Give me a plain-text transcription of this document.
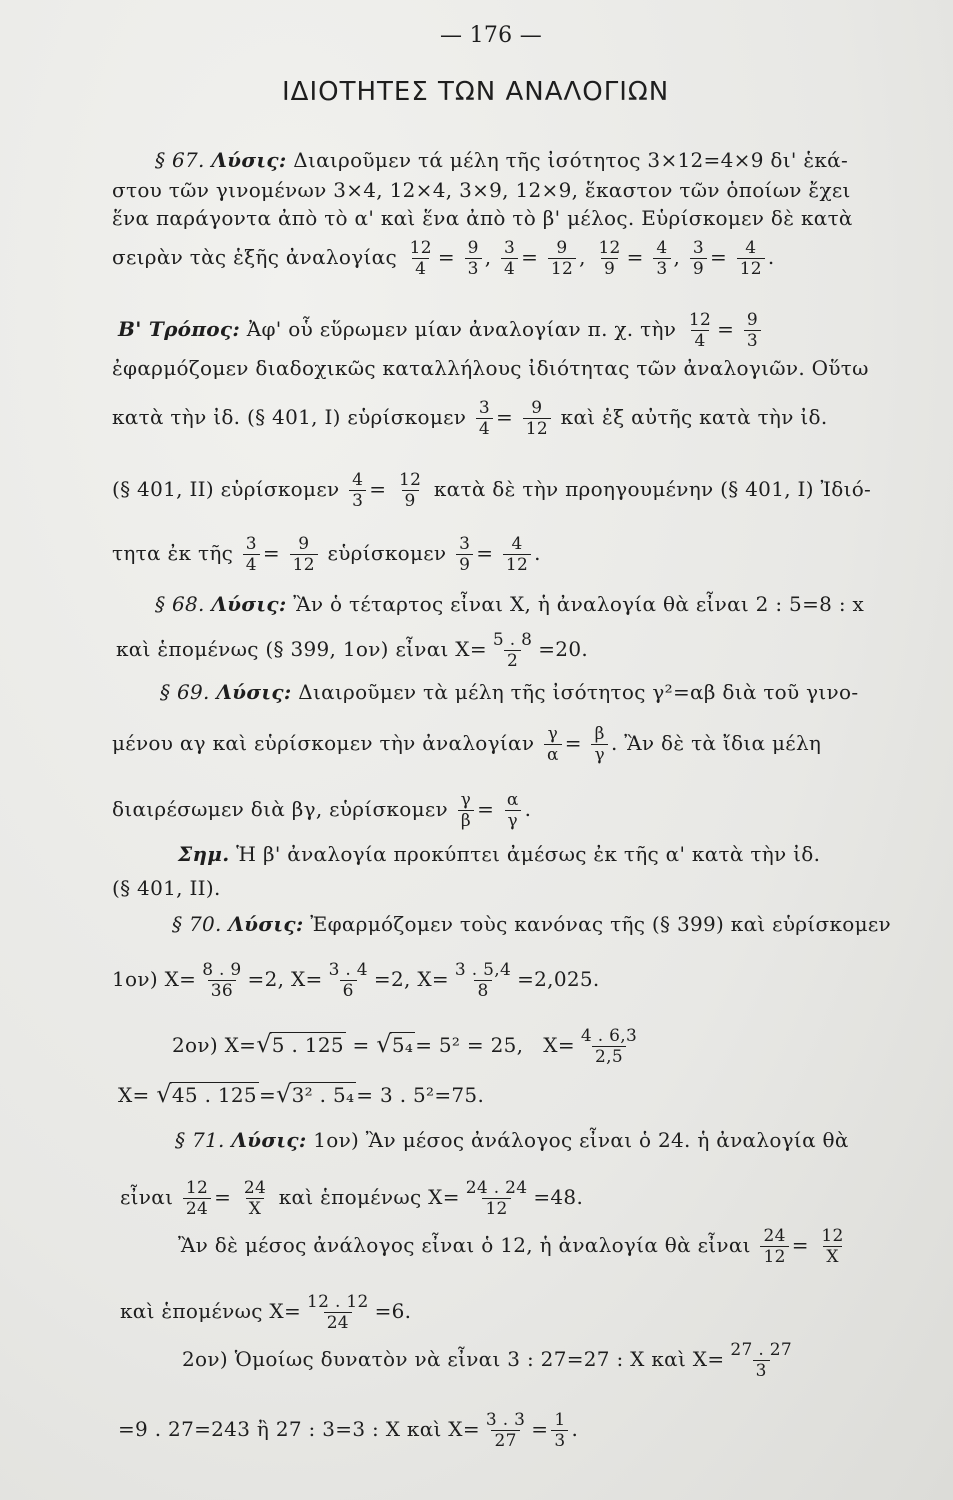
— 176 —
ΙΔΙΟΤΗΤΕΣ ΤΩΝ ΑΝΑΛΟΓΙΩΝ
§ 67. Λύσις: Διαιροῦμεν τά μέλη τῆς ἰσότητος 3×12=4×9 δι' ἑκά-
στου τῶν γινομένων 3×4, 12×4, 3×9, 12×9, ἕκαστον τῶν ὁποίων ἔχει
ἕνα παράγοντα ἀπὸ τὸ α' καὶ ἕνα ἀπὸ τὸ β' μέλος. Εὑρίσκομεν δὲ κατὰ
σειρὰν τὰς ἑξῆς ἀναλογίας $\frac{12}{4} = \frac{9}{3}$ , $\frac{3}{4} = \frac{9}{12}$ , $\frac{12}{9} = \frac{4}{3}$ , $\frac{3}{9} = \frac{4}{12}$ .
Β' Τρόπος: Ἀφ' οὗ εὕρωμεν μίαν ἀναλογίαν π. χ. τὴν $\frac{12}{4} = \frac{9}{3}$
ἐφαρμόζομεν διαδοχικῶς καταλλήλους ἰδιότητας τῶν ἀναλογιῶν. Οὕτω
κατὰ τὴν ἰδ. (§ 401, I) εὑρίσκομεν $\frac{3}{4} = \frac{9}{12}$ καὶ ἐξ αὐτῆς κατὰ τὴν ἰδ.
(§ 401, II) εὑρίσκομεν $\frac{4}{3} = \frac{12}{9}$ κατὰ δὲ τὴν προηγουμένην (§ 401, I) Ἰδιό-
τητα ἐκ τῆς $\frac{3}{4} = \frac{9}{12}$ εὑρίσκομεν $\frac{3}{9} = \frac{4}{12}$ .
§ 68. Λύσις: Ἂν ὁ τέταρτος εἶναι X, ἡ ἀναλογία θὰ εἶναι 2 : 5=8 : x
καὶ ἑπομένως (§ 399, 1ον) εἶναι $X= \frac{5 . 8}{2} =20$.
§ 69. Λύσις: Διαιροῦμεν τὰ μέλη τῆς ἰσότητος γ²=αβ διὰ τοῦ γινο-
μένου αγ καὶ εὑρίσκομεν τὴν ἀναλογίαν $\frac{\gamma}{\alpha} = \frac{\beta}{\gamma}$ . Ἂν δὲ τὰ ἴδια μέλη
διαιρέσωμεν διὰ βγ, εὑρίσκομεν $\frac{\gamma}{\beta} = \frac{\alpha}{\gamma}$ .
Σημ. Ἡ β' ἀναλογία προκύπτει ἀμέσως ἐκ τῆς α' κατὰ τὴν ἰδ.
(§ 401, II).
§ 70. Λύσις: Ἐφαρμόζομεν τοὺς κανόνας τῆς (§ 399) καὶ εὑρίσκομεν
1ον) $X= \frac{8 . 9}{36} =2$, $X= \frac{3 . 4}{6} =2$, $X= \frac{3 . 5,4}{8} =2,025$.
2ον) X=√5 . 125 = √5₄ = 5² = 25,   $X= \frac{4 . 6,3}{2,5}$
X= √45 . 125 =√3² . 5₄ = 3 . 5²=75.
§ 71. Λύσις: 1ον) Ἂν μέσος ἀνάλογος εἶναι ὁ 24. ἡ ἀναλογία θὰ
εἶναι $\frac{12}{24} = \frac{24}{X}$ καὶ ἑπομένως $X= \frac{24 . 24}{12} =48$.
Ἂν δὲ μέσος ἀνάλογος εἶναι ὁ 12, ἡ ἀναλογία θὰ εἶναι $\frac{24}{12} = \frac{12}{X}$
καὶ ἑπομένως $X= \frac{12 . 12}{24} =6$.
2ον) Ὁμοίως δυνατὸν νὰ εἶναι 3 : 27=27 : X καὶ $X= \frac{27 . 27}{3}$
=9 . 27=243 ἢ 27 : 3=3 : X καὶ $X= \frac{3 . 3}{27} = \frac{1}{3}$ .
